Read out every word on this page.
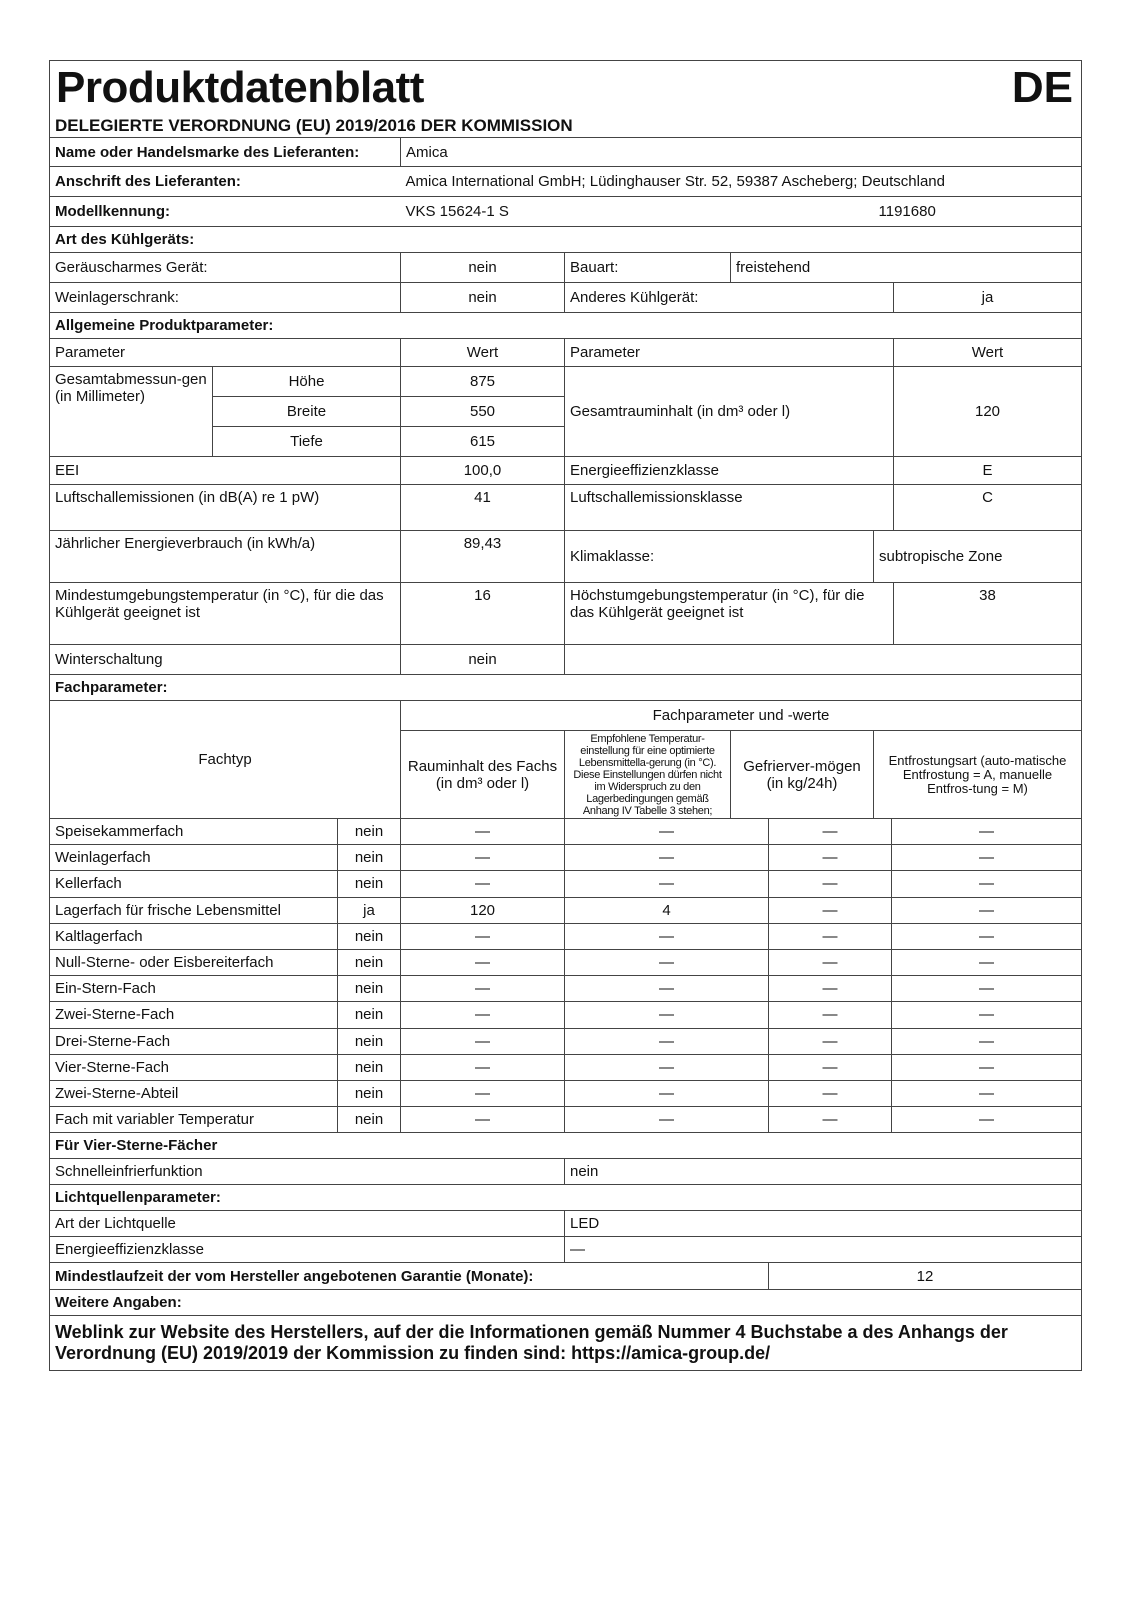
Produktdatenblatt DE						

DELEGIERTE VERORDNUNG (EU) 2019/2016 DER KOMMISSION						
Name oder Handelsmarke des Lieferanten:		Amica				
Anschrift des Lieferanten:		Amica International GmbH; Lüdinghauser Str. 52, 59387 Ascheberg; Deutschland				
Modellkennung:		VKS 15624-1 S			1191680	
Art des Kühlgeräts:						
Geräuscharmes Gerät:		nein	Bauart:	freistehend		
Weinlagerschrank:		nein	Anderes Kühlgerät:			ja
Allgemeine Produktparameter:						
Parameter		Wert	Parameter			Wert
Gesamtabmessun-gen (in Millimeter)	Höhe	875	Gesamtrauminhalt (in dm³ oder l)			120
	Breite	550				
	Tiefe	615				
EEI		100,0	Energieeffizienzklasse			E
Luftschallemissionen (in dB(A) re 1 pW)		41	Luftschallemissionsklasse			C
Jährlicher Energieverbrauch (in kWh/a)		89,43	Klimaklasse:		subtropische Zone	
Mindestumgebungstemperatur (in °C), für die das Kühlgerät geeignet ist		16	Höchstumgebungstemperatur (in °C), für die das Kühlgerät geeignet ist			38
Winterschaltung		nein				
Fachparameter:						
Fachtyp		Fachparameter und -werte				
		Rauminhalt des Fachs (in dm³ oder l)	Empfohlene Temperatur-einstellung für eine optimierte Lebensmittella-gerung (in °C). Diese Einstellungen dürfen nicht im Widerspruch zu den Lagerbedingungen gemäß Anhang IV Tabelle 3 stehen;	Gefrierver-mögen (in kg/24h)	Entfrostungsart (auto-matische Entfrostung = A, manuelle Entfros-tung = M)	
Speisekammerfach	nein	—	—	—	—
Weinlagerfach	nein	—	—	—	—
Kellerfach	nein	—	—	—	—
Lagerfach für frische Lebensmittel	ja	120	4	—	—
Kaltlagerfach	nein	—	—	—	—
Null-Sterne- oder Eisbereiterfach	nein	—	—	—	—
Ein-Stern-Fach	nein	—	—	—	—
Zwei-Sterne-Fach	nein	—	—	—	—
Drei-Sterne-Fach	nein	—	—	—	—
Vier-Sterne-Fach	nein	—	—	—	—
Zwei-Sterne-Abteil	nein	—	—	—	—
Fach mit variabler Temperatur	nein	—	—	—	—
Für Vier-Sterne-Fächer		
Schnelleinfrierfunktion	nein	
Lichtquellenparameter:		
Art der Lichtquelle	LED	
Energieeffizienzklasse	—	
Mindestlaufzeit der vom Hersteller angebotenen Garantie (Monate):		12
Weitere Angaben:		
Weblink zur Website des Herstellers, auf der die Informationen gemäß Nummer 4 Buchstabe a des Anhangs der Verordnung (EU) 2019/2019 der Kommission zu finden sind: https://amica-group.de/		
